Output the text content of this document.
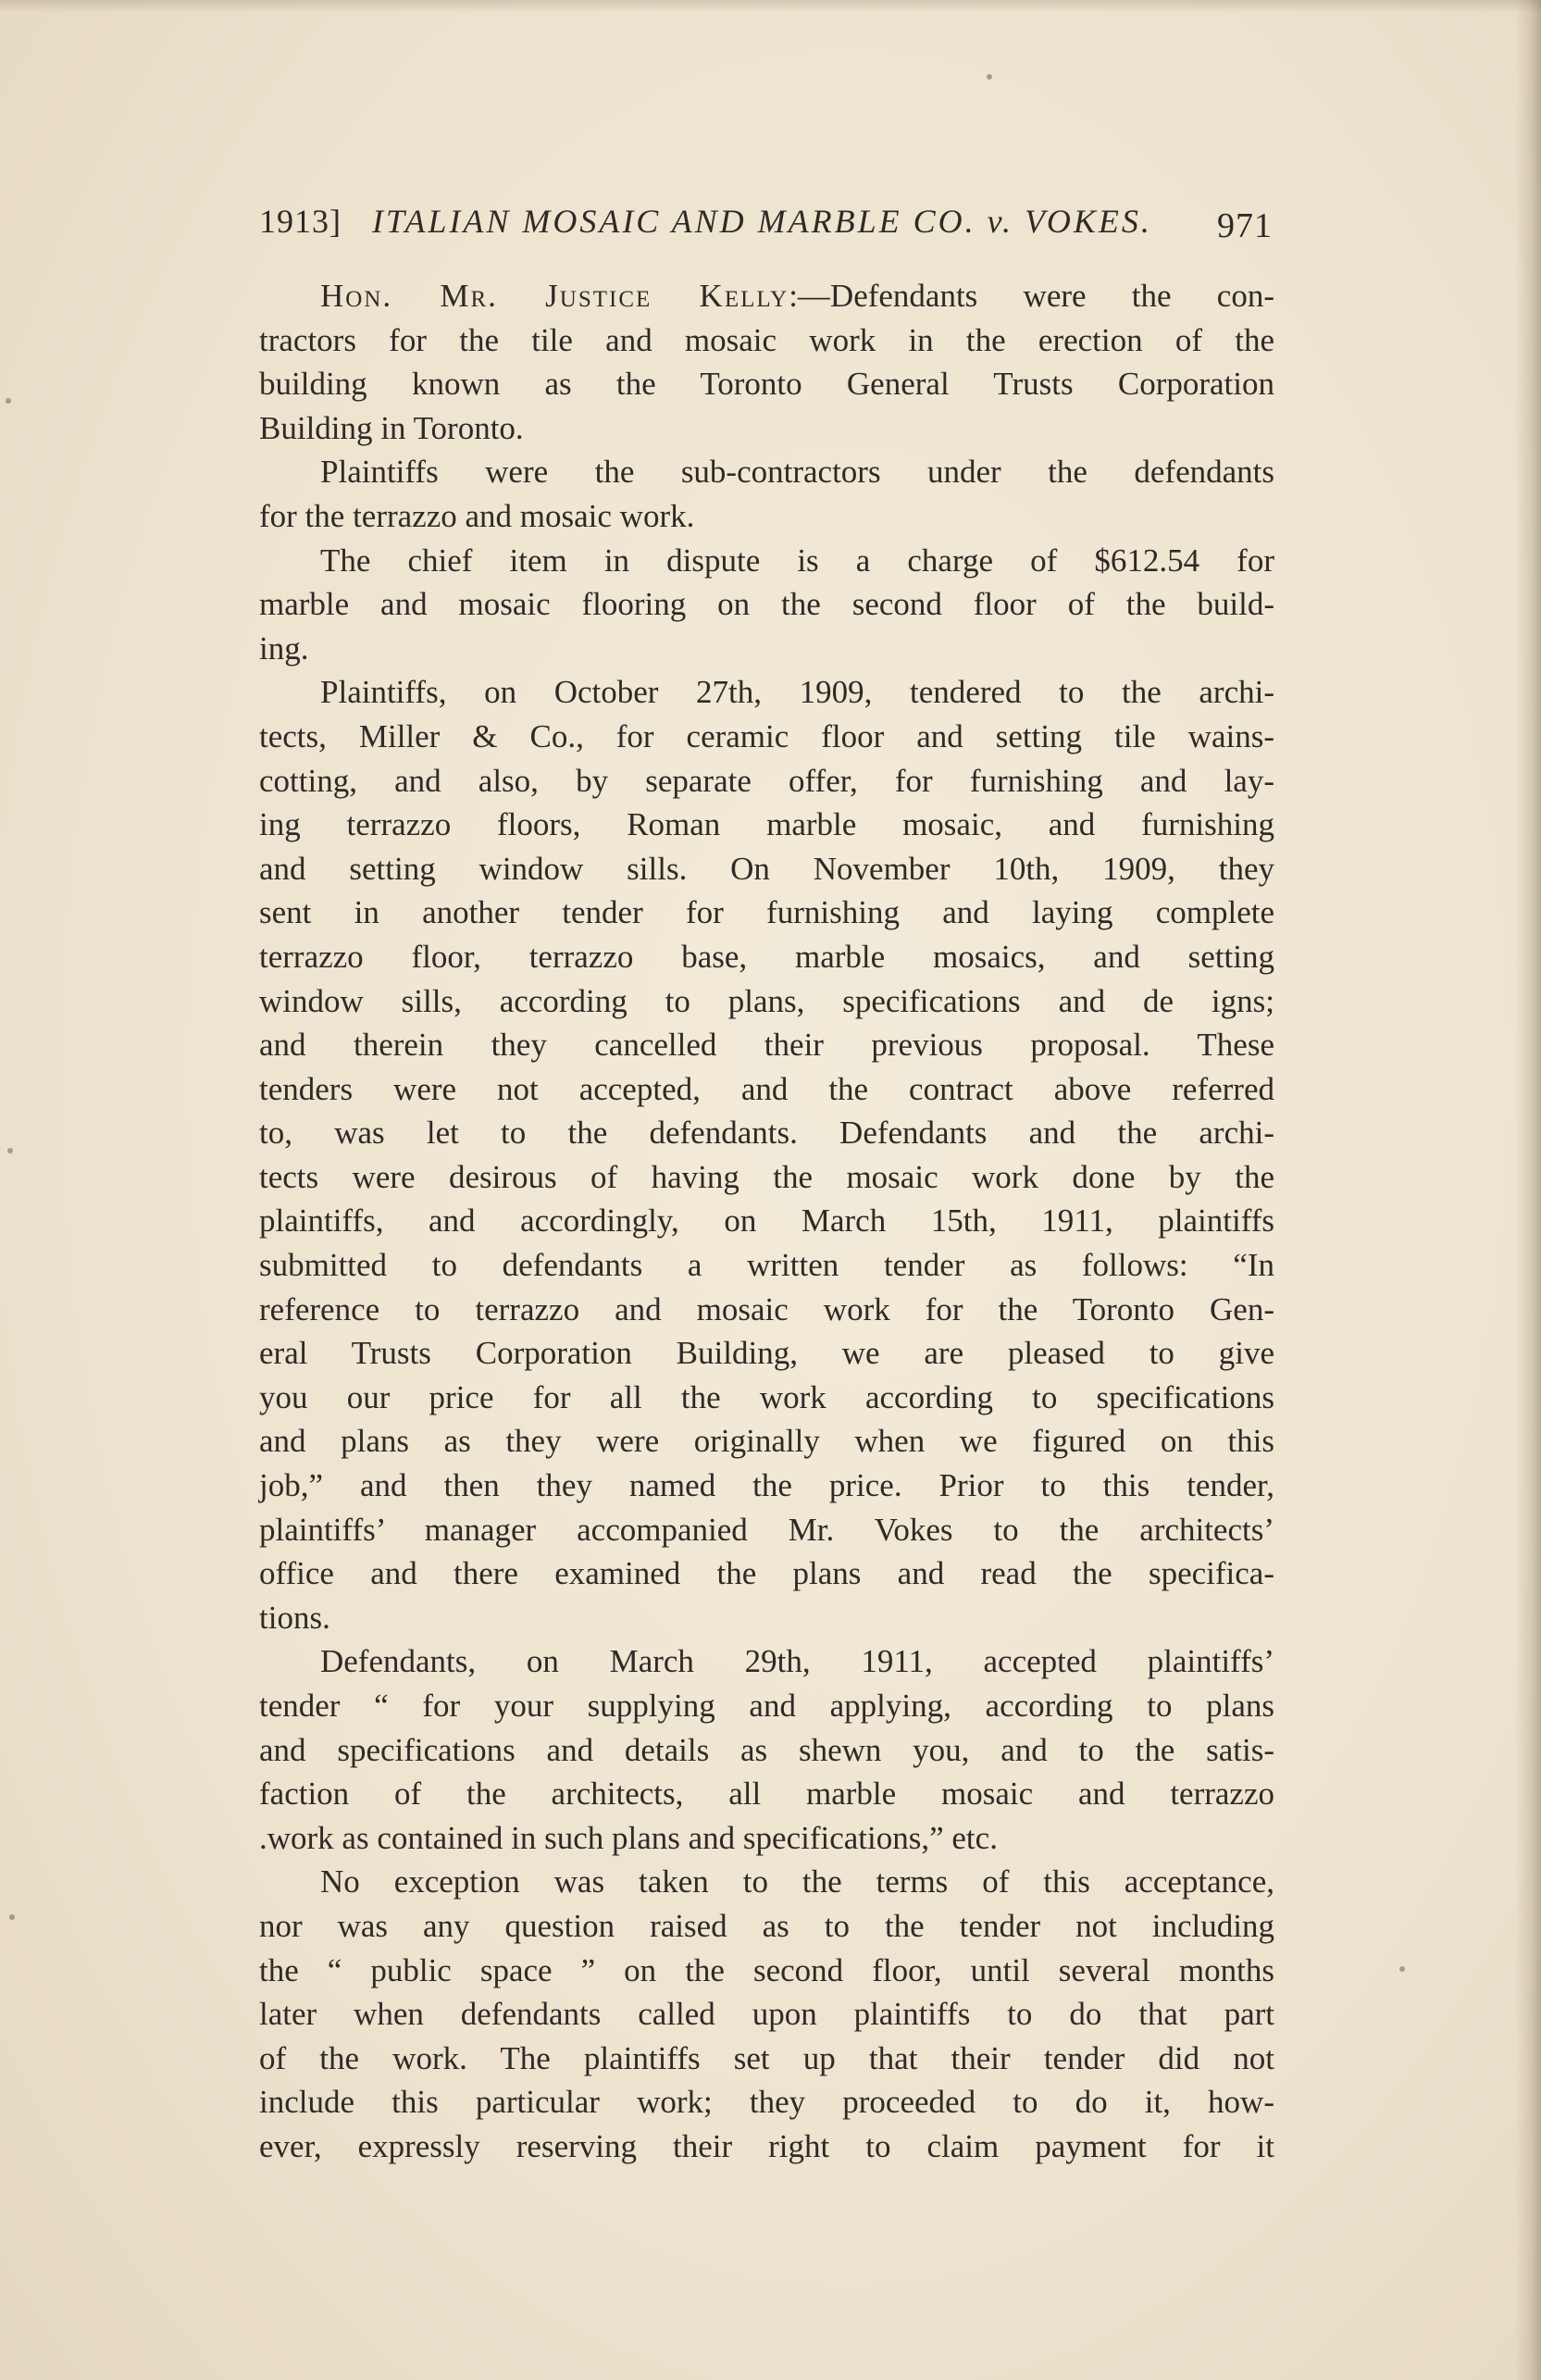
1913] ITALIAN MOSAIC AND MARBLE CO. v. VOKES. 971
Hon. Mr. Justice Kelly:—Defendants were the con-
tractors for the tile and mosaic work in the erection of the
building known as the Toronto General Trusts Corporation
Building in Toronto.
Plaintiffs were the sub-contractors under the defendants
for the terrazzo and mosaic work.
The chief item in dispute is a charge of $612.54 for
marble and mosaic flooring on the second floor of the build-
ing.
Plaintiffs, on October 27th, 1909, tendered to the archi-
tects, Miller & Co., for ceramic floor and setting tile wains-
cotting, and also, by separate offer, for furnishing and lay-
ing terrazzo floors, Roman marble mosaic, and furnishing
and setting window sills. On November 10th, 1909, they
sent in another tender for furnishing and laying complete
terrazzo floor, terrazzo base, marble mosaics, and setting
window sills, according to plans, specifications and de igns;
and therein they cancelled their previous proposal. These
tenders were not accepted, and the contract above referred
to, was let to the defendants. Defendants and the archi-
tects were desirous of having the mosaic work done by the
plaintiffs, and accordingly, on March 15th, 1911, plaintiffs
submitted to defendants a written tender as follows: “In
reference to terrazzo and mosaic work for the Toronto Gen-
eral Trusts Corporation Building, we are pleased to give
you our price for all the work according to specifications
and plans as they were originally when we figured on this
job,” and then they named the price. Prior to this tender,
plaintiffs’ manager accompanied Mr. Vokes to the architects’
office and there examined the plans and read the specifica-
tions.
Defendants, on March 29th, 1911, accepted plaintiffs’
tender “ for your supplying and applying, according to plans
and specifications and details as shewn you, and to the satis-
faction of the architects, all marble mosaic and terrazzo
.work as contained in such plans and specifications,” etc.
No exception was taken to the terms of this acceptance,
nor was any question raised as to the tender not including
the “ public space ” on the second floor, until several months
later when defendants called upon plaintiffs to do that part
of the work. The plaintiffs set up that their tender did not
include this particular work; they proceeded to do it, how-
ever, expressly reserving their right to claim payment for it
